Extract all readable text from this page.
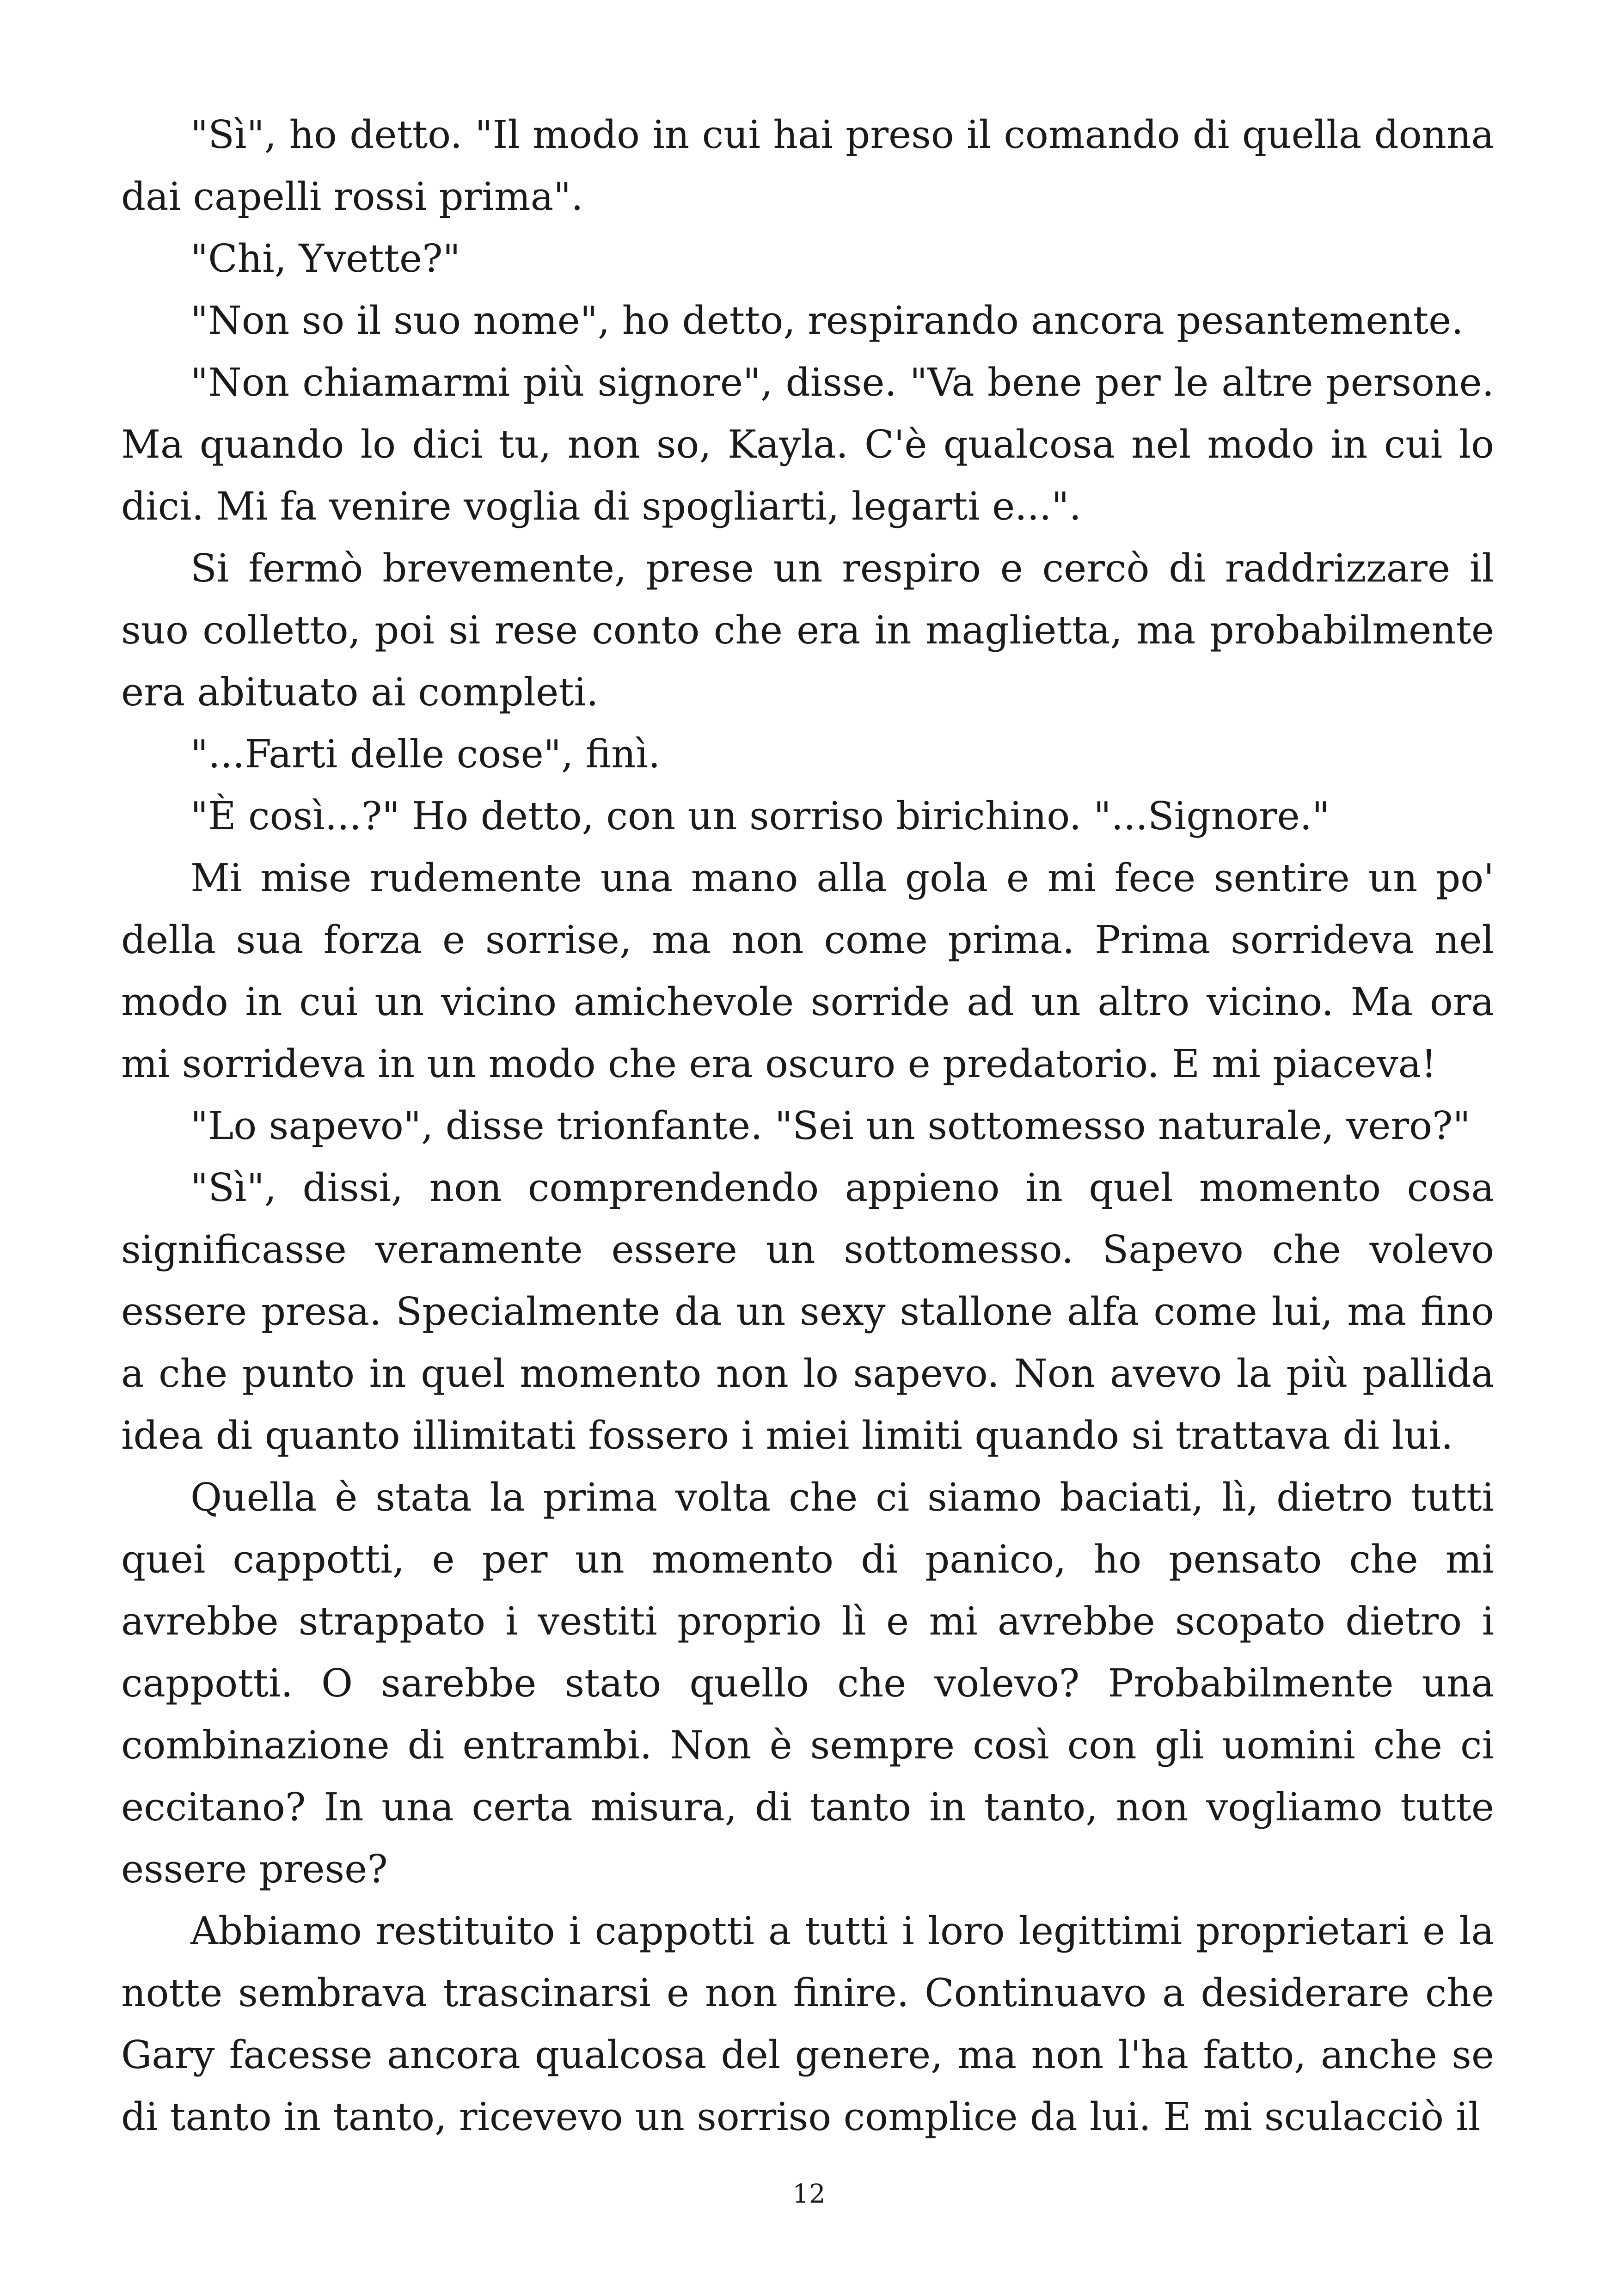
"Sì", ho detto. "Il modo in cui hai preso il comando di quella donna dai capelli rossi prima".

"Chi, Yvette?"

"Non so il suo nome", ho detto, respirando ancora pesantemente.

"Non chiamarmi più signore", disse. "Va bene per le altre persone. Ma quando lo dici tu, non so, Kayla. C'è qualcosa nel modo in cui lo dici. Mi fa venire voglia di spogliarti, legarti e...".

Si fermò brevemente, prese un respiro e cercò di raddrizzare il suo colletto, poi si rese conto che era in maglietta, ma probabilmente era abituato ai completi.

"...Farti delle cose", finì.

"È così...?" Ho detto, con un sorriso birichino. "...Signore."

Mi mise rudemente una mano alla gola e mi fece sentire un po' della sua forza e sorrise, ma non come prima. Prima sorrideva nel modo in cui un vicino amichevole sorride ad un altro vicino. Ma ora mi sorrideva in un modo che era oscuro e predatorio. E mi piaceva!

"Lo sapevo", disse trionfante. "Sei un sottomesso naturale, vero?"

"Sì", dissi, non comprendendo appieno in quel momento cosa significasse veramente essere un sottomesso. Sapevo che volevo essere presa. Specialmente da un sexy stallone alfa come lui, ma fino a che punto in quel momento non lo sapevo. Non avevo la più pallida idea di quanto illimitati fossero i miei limiti quando si trattava di lui.

Quella è stata la prima volta che ci siamo baciati, lì, dietro tutti quei cappotti, e per un momento di panico, ho pensato che mi avrebbe strappato i vestiti proprio lì e mi avrebbe scopato dietro i cappotti. O sarebbe stato quello che volevo? Probabilmente una combinazione di entrambi. Non è sempre così con gli uomini che ci eccitano? In una certa misura, di tanto in tanto, non vogliamo tutte essere prese?

Abbiamo restituito i cappotti a tutti i loro legittimi proprietari e la notte sembrava trascinarsi e non finire. Continuavo a desiderare che Gary facesse ancora qualcosa del genere, ma non l'ha fatto, anche se di tanto in tanto, ricevevo un sorriso complice da lui. E mi sculacciò il

12
